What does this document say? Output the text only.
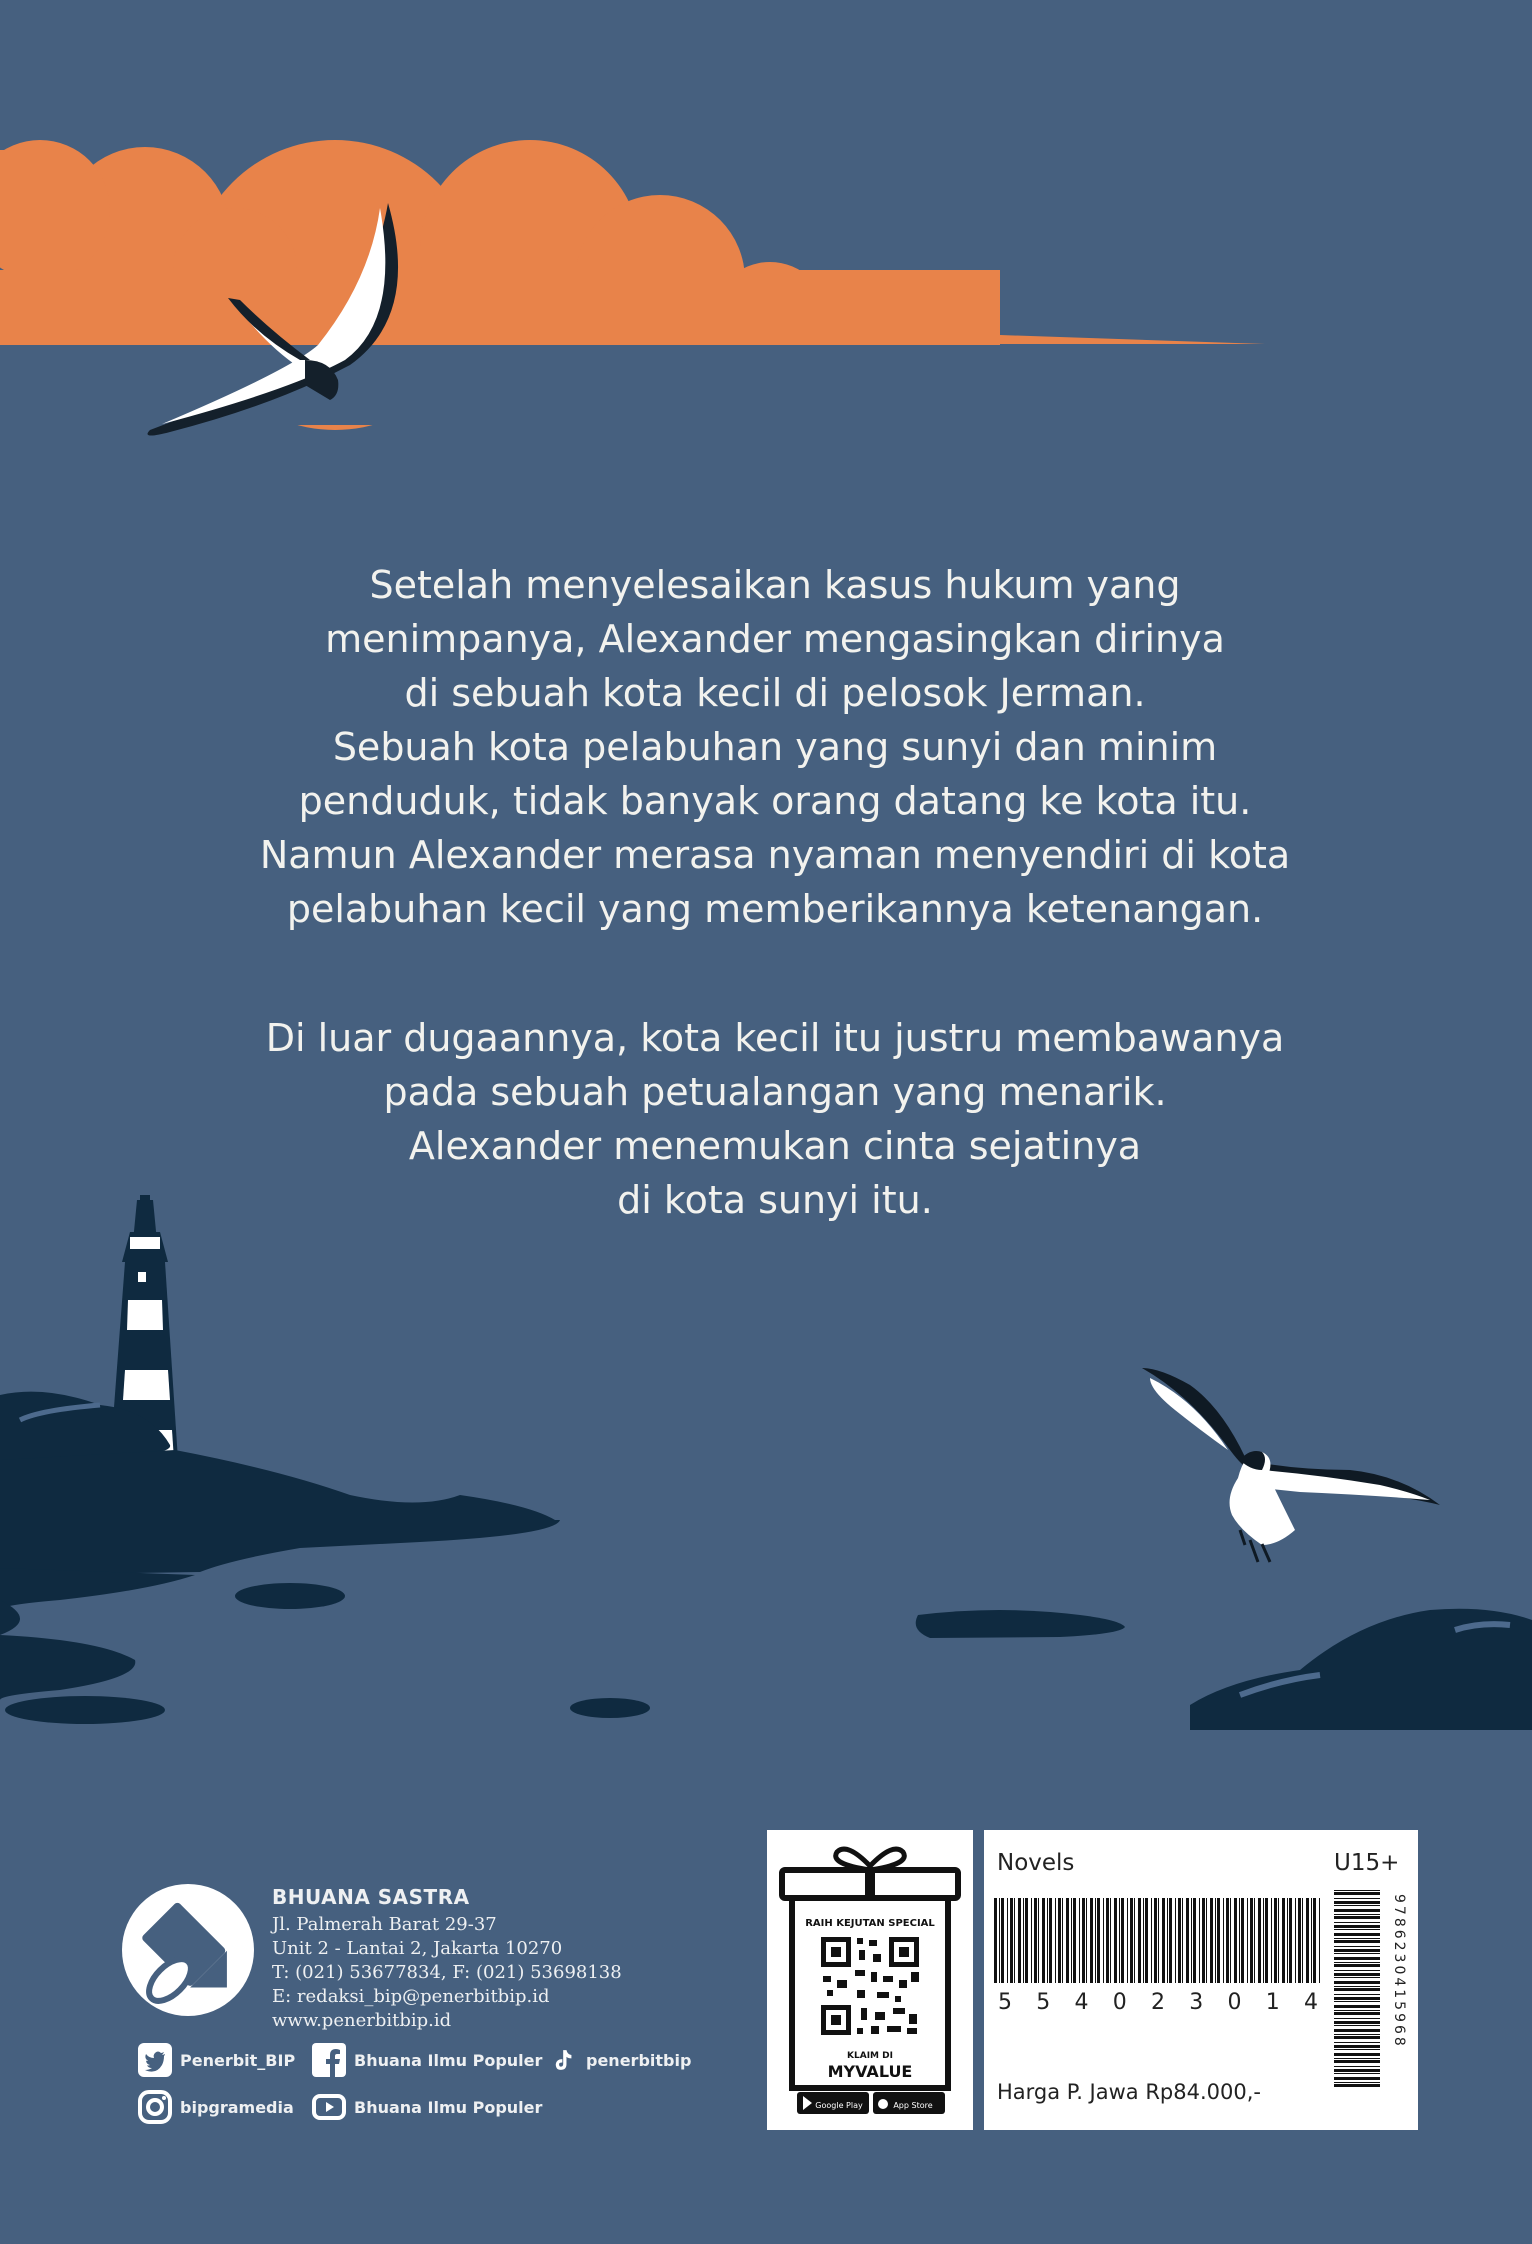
Setelah menyelesaikan kasus hukum yang

menimpanya, Alexander mengasingkan dirinya

di sebuah kota kecil di pelosok Jerman.

Sebuah kota pelabuhan yang sunyi dan minim

penduduk, tidak banyak orang datang ke kota itu.

Namun Alexander merasa nyaman menyendiri di kota

pelabuhan kecil yang memberikannya ketenangan.

Di luar dugaannya, kota kecil itu justru membawanya

pada sebuah petualangan yang menarik.

Alexander menemukan cinta sejatinya

di kota sunyi itu.

BHUANA SASTRA
Jl. Palmerah Barat 29-37
Unit 2 - Lantai 2, Jakarta 10270
T: (021) 53677834, F: (021) 53698138
E: redaksi_bip@penerbitbip.id
www.penerbitbip.id
Penerbit_BIP	Bhuana Ilmu Populer	penerbitbip
bipgramedia	Bhuana Ilmu Populer
RAIH KEJUTAN SPECIAL
KLAIM DI
MYVALUE
Google Play	App Store
Novels	U15+
5 5 4 0 2 3 0 1 4
Harga P. Jawa Rp84.000,-
9786230415968
